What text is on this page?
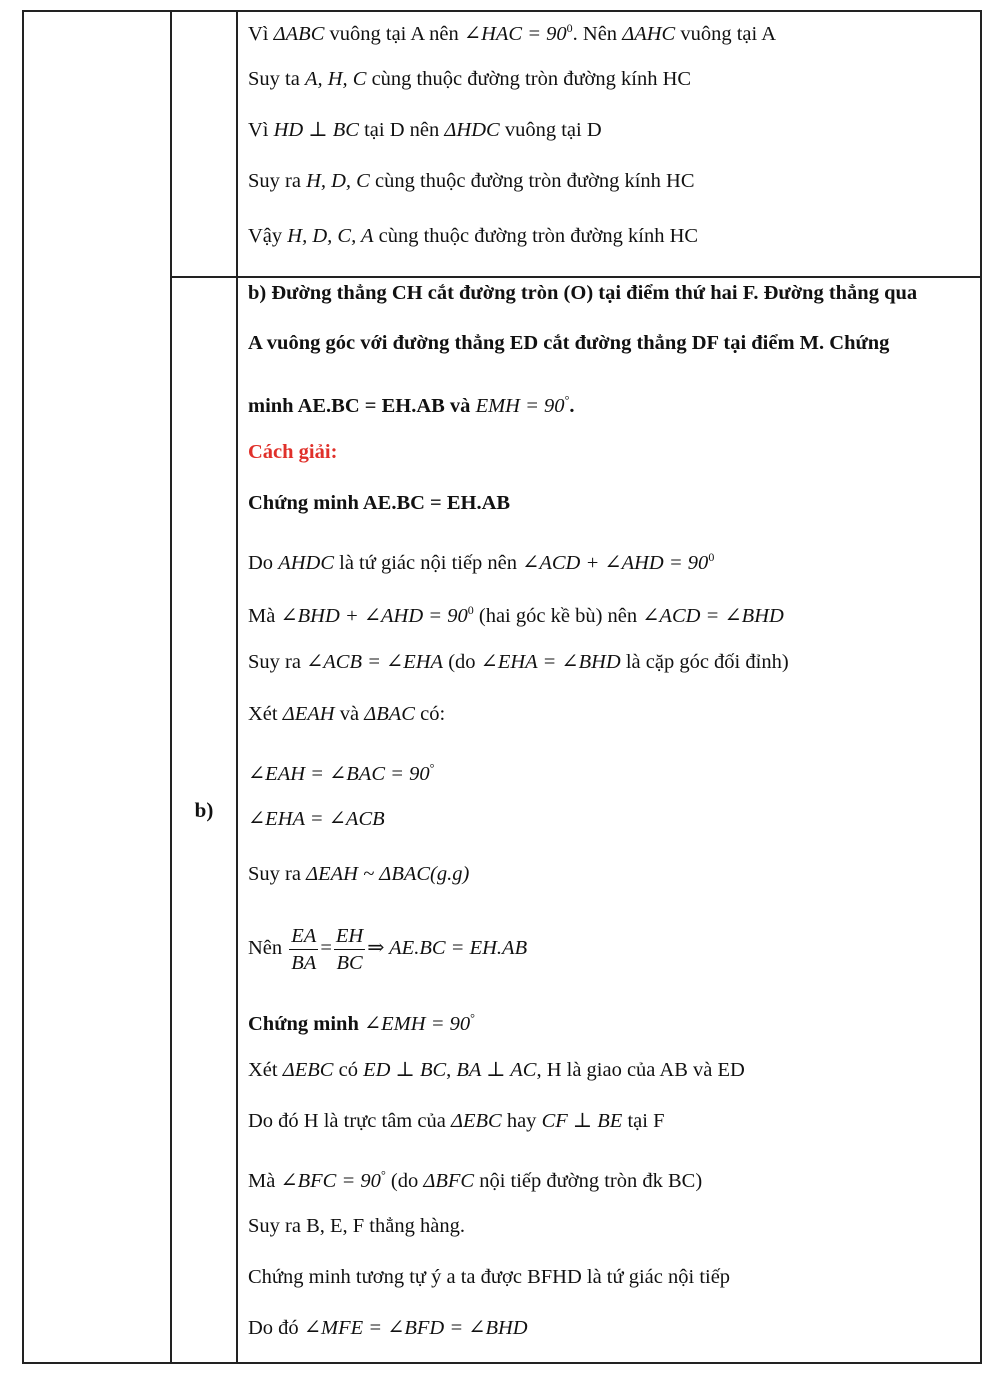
b)
Vì ΔABC vuông tại A nên ∠HAC = $90^0$. Nên ΔAHC vuông tại A
Suy ta A, H, C cùng thuộc đường tròn đường kính HC
Vì HD ⊥ BC tại D nên ΔHDC vuông tại D
Suy ra H, D, C cùng thuộc đường tròn đường kính HC
Vậy H, D, C, A cùng thuộc đường tròn đường kính HC
b) Đường thẳng CH cắt đường tròn (O) tại điểm thứ hai F. Đường thẳng qua
A vuông góc với đường thẳng ED cắt đường thẳng DF tại điểm M. Chứng
minh AE.BC = EH.AB và EMH = 90°.
Cách giải:
Chứng minh AE.BC = EH.AB
Do AHDC là tứ giác nội tiếp nên ∠ACD + ∠AHD = $90^0$
Mà ∠BHD + ∠AHD = $90^0$ (hai góc kề bù) nên ∠ACD = ∠BHD
Suy ra ∠ACB = ∠EHA (do ∠EHA = ∠BHD là cặp góc đối đỉnh)
Xét ΔEAH và ΔBAC có:
∠EAH = ∠BAC = 90°
∠EHA = ∠ACB
Suy ra ΔEAH ~ ΔBAC(g.g)
Nên $\frac{EA}{BA} = \frac{EH}{BC}$ ⇒ AE.BC = EH.AB
Chứng minh ∠EMH = 90°
Xét ΔEBC có ED ⊥ BC, BA ⊥ AC, H là giao của AB và ED
Do đó H là trực tâm của ΔEBC hay CF ⊥ BE tại F
Mà ∠BFC = 90° (do ΔBFC nội tiếp đường tròn đk BC)
Suy ra B, E, F thẳng hàng.
Chứng minh tương tự ý a ta được BFHD là tứ giác nội tiếp
Do đó ∠MFE = ∠BFD = ∠BHD
